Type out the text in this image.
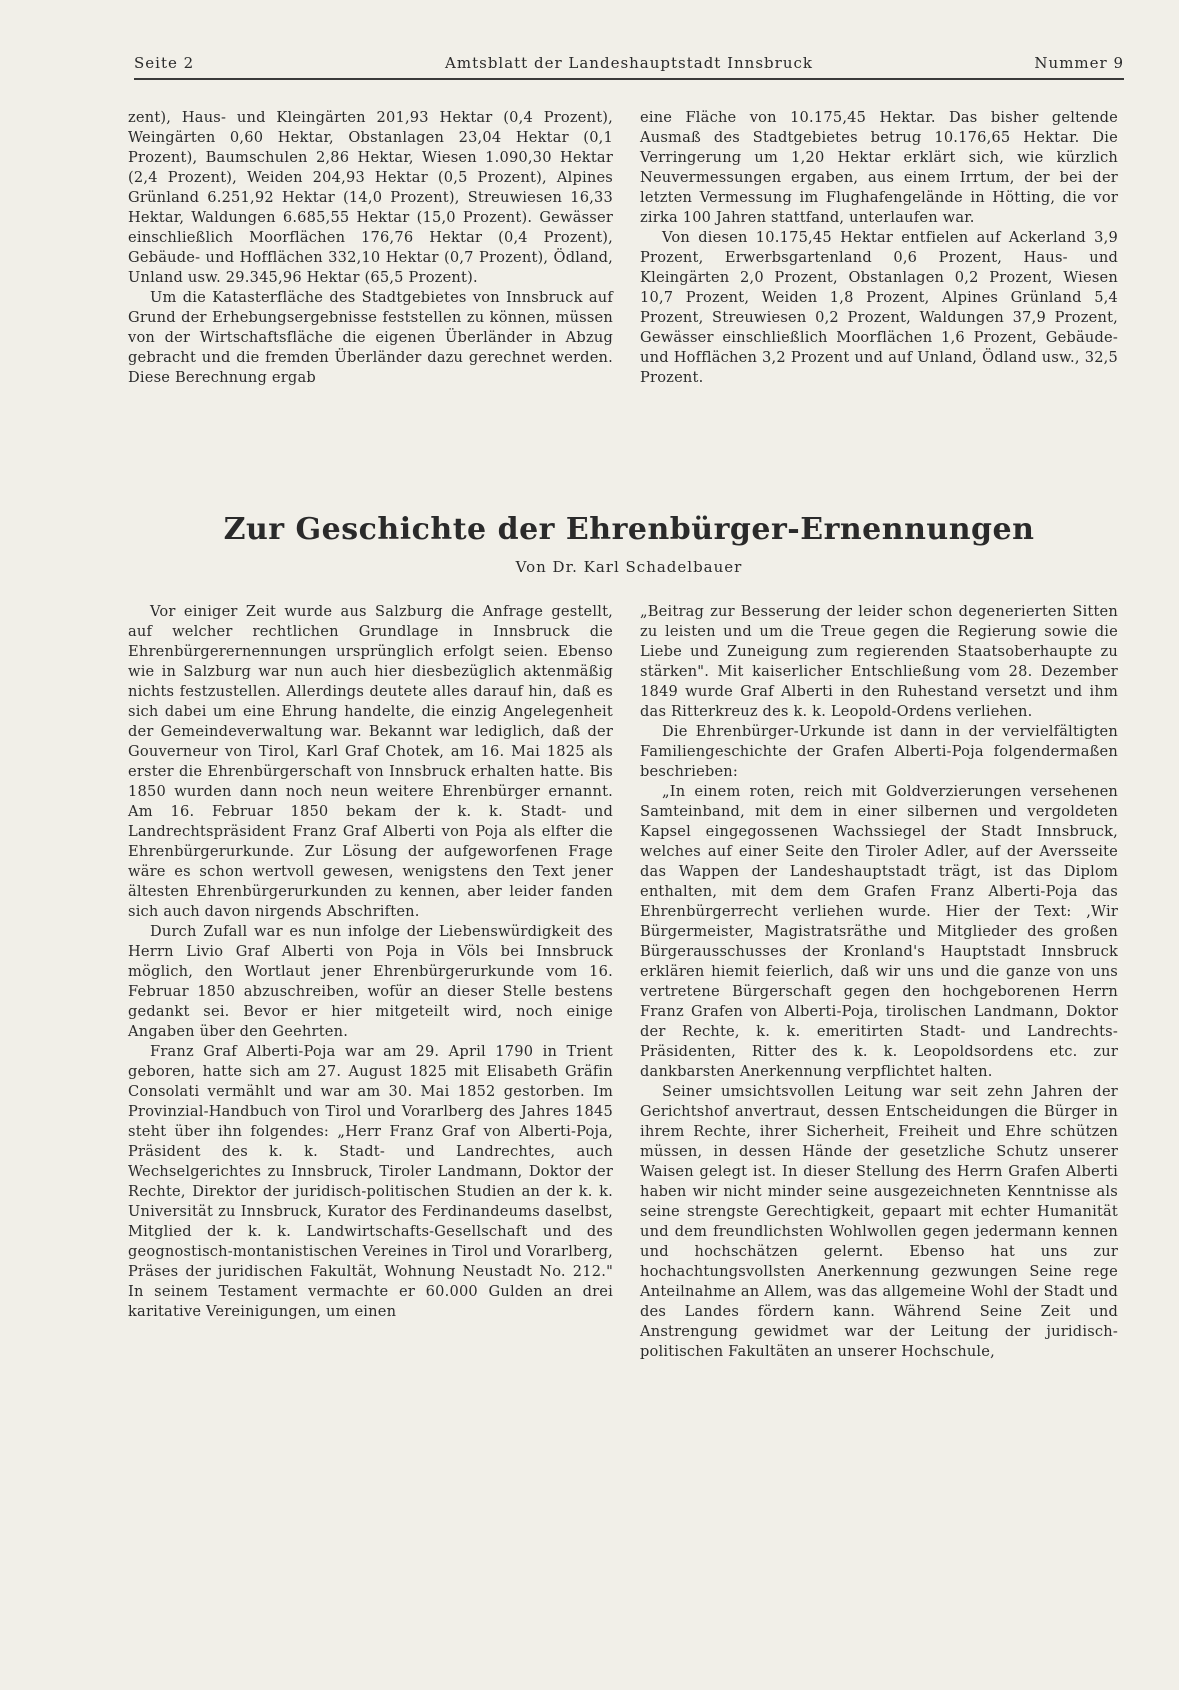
Seite 2	Amtsblatt der Landeshauptstadt Innsbruck	Nummer 9

zent), Haus- und Kleingärten 201,93 Hektar (0,4 Prozent), Weingärten 0,60 Hektar, Obstanlagen 23,04 Hektar (0,1 Prozent), Baumschulen 2,86 Hektar, Wiesen 1.090,30 Hektar (2,4 Prozent), Weiden 204,93 Hektar (0,5 Prozent), Alpines Grünland 6.251,92 Hektar (14,0 Prozent), Streuwiesen 16,33 Hektar, Waldungen 6.685,55 Hektar (15,0 Prozent). Gewässer einschließlich Moorflächen 176,76 Hektar (0,4 Prozent), Gebäude- und Hofflächen 332,10 Hektar (0,7 Prozent), Ödland, Unland usw. 29.345,96 Hektar (65,5 Prozent).

Um die Katasterfläche des Stadtgebietes von Innsbruck auf Grund der Erhebungsergebnisse feststellen zu können, müssen von der Wirtschaftsfläche die eigenen Überländer in Abzug gebracht und die fremden Überländer dazu gerechnet werden. Diese Berechnung ergab

eine Fläche von 10.175,45 Hektar. Das bisher geltende Ausmaß des Stadtgebietes betrug 10.176,65 Hektar. Die Verringerung um 1,20 Hektar erklärt sich, wie kürzlich Neuvermessungen ergaben, aus einem Irrtum, der bei der letzten Vermessung im Flughafengelände in Hötting, die vor zirka 100 Jahren stattfand, unterlaufen war.

Von diesen 10.175,45 Hektar entfielen auf Ackerland 3,9 Prozent, Erwerbsgartenland 0,6 Prozent, Haus- und Kleingärten 2,0 Prozent, Obstanlagen 0,2 Prozent, Wiesen 10,7 Prozent, Weiden 1,8 Prozent, Alpines Grünland 5,4 Prozent, Streuwiesen 0,2 Prozent, Waldungen 37,9 Prozent, Gewässer einschließlich Moorflächen 1,6 Prozent, Gebäude- und Hofflächen 3,2 Prozent und auf Unland, Ödland usw., 32,5 Prozent.

Zur Geschichte der Ehrenbürger-Ernennungen
Von Dr. Karl Schadelbauer

Vor einiger Zeit wurde aus Salzburg die Anfrage gestellt, auf welcher rechtlichen Grundlage in Innsbruck die Ehrenbürgerernennungen ursprünglich erfolgt seien. Ebenso wie in Salzburg war nun auch hier diesbezüglich aktenmäßig nichts festzustellen. Allerdings deutete alles darauf hin, daß es sich dabei um eine Ehrung handelte, die einzig Angelegenheit der Gemeindeverwaltung war. Bekannt war lediglich, daß der Gouverneur von Tirol, Karl Graf Chotek, am 16. Mai 1825 als erster die Ehrenbürgerschaft von Innsbruck erhalten hatte. Bis 1850 wurden dann noch neun weitere Ehrenbürger ernannt. Am 16. Februar 1850 bekam der k. k. Stadt- und Landrechtspräsident Franz Graf Alberti von Poja als elfter die Ehrenbürgerurkunde. Zur Lösung der aufgeworfenen Frage wäre es schon wertvoll gewesen, wenigstens den Text jener ältesten Ehrenbürgerurkunden zu kennen, aber leider fanden sich auch davon nirgends Abschriften.

Durch Zufall war es nun infolge der Liebenswürdigkeit des Herrn Livio Graf Alberti von Poja in Völs bei Innsbruck möglich, den Wortlaut jener Ehrenbürgerurkunde vom 16. Februar 1850 abzuschreiben, wofür an dieser Stelle bestens gedankt sei. Bevor er hier mitgeteilt wird, noch einige Angaben über den Geehrten.

Franz Graf Alberti-Poja war am 29. April 1790 in Trient geboren, hatte sich am 27. August 1825 mit Elisabeth Gräfin Consolati vermählt und war am 30. Mai 1852 gestorben. Im Provinzial-Handbuch von Tirol und Vorarlberg des Jahres 1845 steht über ihn folgendes: „Herr Franz Graf von Alberti-Poja, Präsident des k. k. Stadt- und Landrechtes, auch Wechselgerichtes zu Innsbruck, Tiroler Landmann, Doktor der Rechte, Direktor der juridisch-politischen Studien an der k. k. Universität zu Innsbruck, Kurator des Ferdinandeums daselbst, Mitglied der k. k. Landwirtschafts-Gesellschaft und des geognostisch-montanistischen Vereines in Tirol und Vorarlberg, Präses der juridischen Fakultät, Wohnung Neustadt No. 212." In seinem Testament vermachte er 60.000 Gulden an drei karitative Vereinigungen, um einen

„Beitrag zur Besserung der leider schon degenerierten Sitten zu leisten und um die Treue gegen die Regierung sowie die Liebe und Zuneigung zum regierenden Staatsoberhaupte zu stärken". Mit kaiserlicher Entschließung vom 28. Dezember 1849 wurde Graf Alberti in den Ruhestand versetzt und ihm das Ritterkreuz des k. k. Leopold-Ordens verliehen.

Die Ehrenbürger-Urkunde ist dann in der vervielfältigten Familiengeschichte der Grafen Alberti-Poja folgendermaßen beschrieben:

„In einem roten, reich mit Goldverzierungen versehenen Samteinband, mit dem in einer silbernen und vergoldeten Kapsel eingegossenen Wachssiegel der Stadt Innsbruck, welches auf einer Seite den Tiroler Adler, auf der Aversseite das Wappen der Landeshauptstadt trägt, ist das Diplom enthalten, mit dem dem Grafen Franz Alberti-Poja das Ehrenbürgerrecht verliehen wurde. Hier der Text: ‚Wir Bürgermeister, Magistratsräthe und Mitglieder des großen Bürgerausschusses der Kronland's Hauptstadt Innsbruck erklären hiemit feierlich, daß wir uns und die ganze von uns vertretene Bürgerschaft gegen den hochgeborenen Herrn Franz Grafen von Alberti-Poja, tirolischen Landmann, Doktor der Rechte, k. k. emeritirten Stadt- und Landrechts-Präsidenten, Ritter des k. k. Leopoldsordens etc. zur dankbarsten Anerkennung verpflichtet halten.

Seiner umsichtsvollen Leitung war seit zehn Jahren der Gerichtshof anvertraut, dessen Entscheidungen die Bürger in ihrem Rechte, ihrer Sicherheit, Freiheit und Ehre schützen müssen, in dessen Hände der gesetzliche Schutz unserer Waisen gelegt ist. In dieser Stellung des Herrn Grafen Alberti haben wir nicht minder seine ausgezeichneten Kenntnisse als seine strengste Gerechtigkeit, gepaart mit echter Humanität und dem freundlichsten Wohlwollen gegen jedermann kennen und hochschätzen gelernt. Ebenso hat uns zur hochachtungsvollsten Anerkennung gezwungen Seine rege Anteilnahme an Allem, was das allgemeine Wohl der Stadt und des Landes fördern kann. Während Seine Zeit und Anstrengung gewidmet war der Leitung der juridisch-politischen Fakultäten an unserer Hochschule,
